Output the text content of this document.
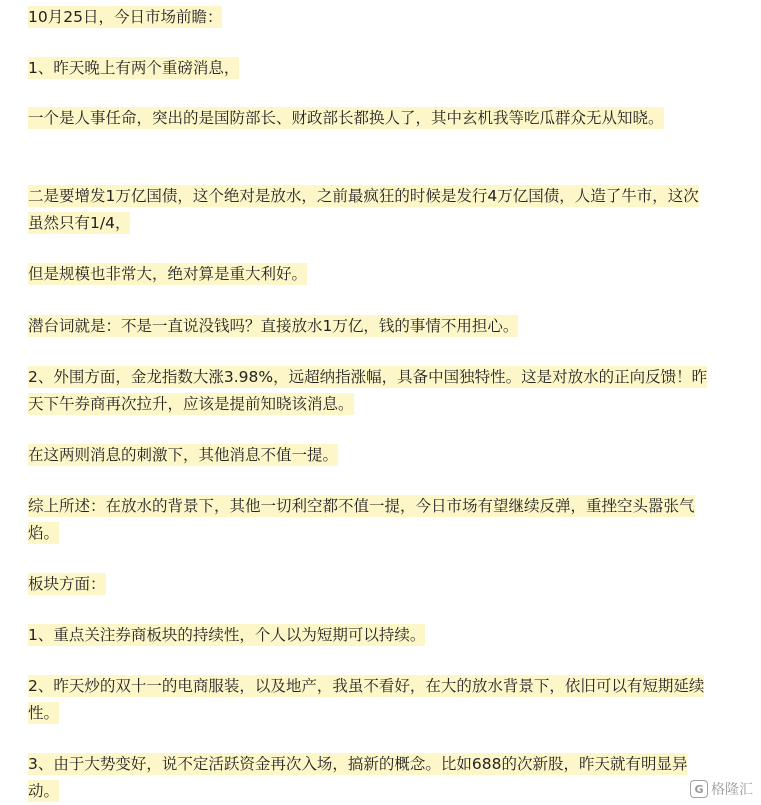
10月25日，今日市场前瞻：

1、昨天晚上有两个重磅消息，

一个是人事任命，突出的是国防部长、财政部长都换人了，其中玄机我等吃瓜群众无从知晓。

二是要增发1万亿国债，这个绝对是放水，之前最疯狂的时候是发行4万亿国债，人造了牛市，这次虽然只有1/4，

但是规模也非常大，绝对算是重大利好。

潜台词就是：不是一直说没钱吗？直接放水1万亿，钱的事情不用担心。

2、外围方面，金龙指数大涨3.98%，远超纳指涨幅，具备中国独特性。这是对放水的正向反馈！昨天下午券商再次拉升，应该是提前知晓该消息。

在这两则消息的刺激下，其他消息不值一提。

综上所述：在放水的背景下，其他一切利空都不值一提，今日市场有望继续反弹，重挫空头嚣张气焰。

板块方面：

1、重点关注券商板块的持续性，个人以为短期可以持续。

2、昨天炒的双十一的电商服装，以及地产，我虽不看好，在大的放水背景下，依旧可以有短期延续性。

3、由于大势变好，说不定活跃资金再次入场，搞新的概念。比如688的次新股，昨天就有明显异动。	G 格隆汇
